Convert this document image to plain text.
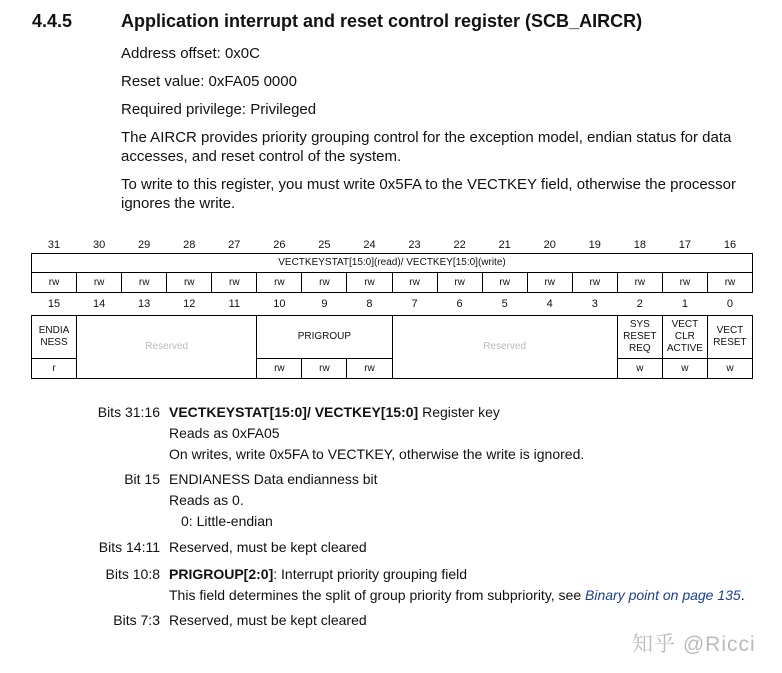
4.4.5	Application interrupt and reset control register (SCB_AIRCR)
Address offset: 0x0C
Reset value: 0xFA05 0000
Required privilege: Privileged
The AIRCR provides priority grouping control for the exception model, endian status for data accesses, and reset control of the system.
To write to this register, you must write 0x5FA to the VECTKEY field, otherwise the processor ignores the write.
31	30	29	28	27	26	25	24	23	22	21	20	19	18	17	16
VECTKEYSTAT[15:0](read)/ VECTKEY[15:0](write)															
rw	rw	rw	rw	rw	rw	rw	rw	rw	rw	rw	rw	rw	rw	rw	rw
15	14	13	12	11	10	9	8	7	6	5	4	3	2	1	0
ENDIA NESS	Reserved				PRIGROUP			Reserved					SYS RESET REQ	VECT CLR ACTIVE	VECT RESET
r					rw	rw	rw						w	w	w
Bits 31:16 VECTKEYSTAT[15:0]/ VECTKEY[15:0] Register key
Reads as 0xFA05
On writes, write 0x5FA to VECTKEY, otherwise the write is ignored.
Bit 15 ENDIANESS Data endianness bit
Reads as 0.
0: Little-endian
Bits 14:11 Reserved, must be kept cleared
Bits 10:8 PRIGROUP[2:0]: Interrupt priority grouping field
This field determines the split of group priority from subpriority, see Binary point on page 135.
Bits 7:3 Reserved, must be kept cleared
知乎 @Ricci
